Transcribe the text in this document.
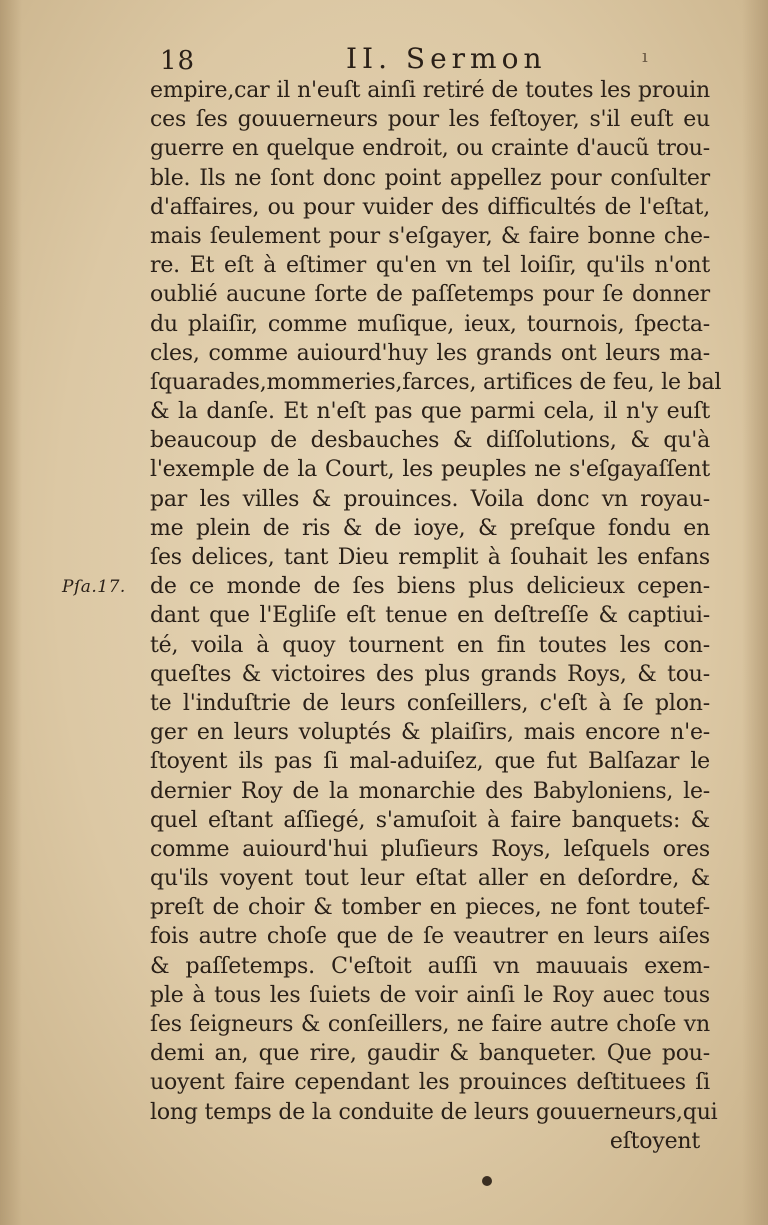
18	II. Sermon	ı
Pſa.17.
empire,car il n'euſt ainſi retiré de toutes les prouin
ces ſes gouuerneurs pour les feſtoyer, s'il euſt eu
guerre en quelque endroit, ou crainte d'aucũ trou-
ble. Ils ne ſont donc point appellez pour conſulter
d'affaires, ou pour vuider des difficultés de l'eſtat,
mais ſeulement pour s'eſgayer, & faire bonne che-
re. Et eſt à eſtimer qu'en vn tel loiſir, qu'ils n'ont
oublié aucune ſorte de paſſetemps pour ſe donner
du plaiſir, comme muſique, ieux, tournois, ſpecta-
cles, comme auiourd'huy les grands ont leurs ma-
ſquarades,mommeries,farces, artifices de feu, le bal
& la danſe. Et n'eſt pas que parmi cela, il n'y euſt
beaucoup de desbauches & diſſolutions, & qu'à
l'exemple de la Court, les peuples ne s'eſgayaſſent
par les villes & prouinces. Voila donc vn royau-
me plein de ris & de ioye, & preſque fondu en
ſes delices, tant Dieu remplit à ſouhait les enfans
de ce monde de ſes biens plus delicieux cepen-
dant que l'Egliſe eſt tenue en deſtreſſe & captiui-
té, voila à quoy tournent en fin toutes les con-
queſtes & victoires des plus grands Roys, & tou-
te l'induſtrie de leurs conſeillers, c'eſt à ſe plon-
ger en leurs voluptés & plaiſirs, mais encore n'e-
ſtoyent ils pas ſi mal-aduiſez, que fut Balſazar le
dernier Roy de la monarchie des Babyloniens, le-
quel eſtant aſſiegé, s'amuſoit à faire banquets: &
comme auiourd'hui pluſieurs Roys, leſquels ores
qu'ils voyent tout leur eſtat aller en deſordre, &
preſt de choir & tomber en pieces, ne font toutef-
fois autre choſe que de ſe veautrer en leurs aiſes
& paſſetemps. C'eſtoit auſſi vn mauuais exem-
ple à tous les ſuiets de voir ainſi le Roy auec tous
ſes ſeigneurs & conſeillers, ne faire autre choſe vn
demi an, que rire, gaudir & banqueter. Que pou-
uoyent faire cependant les prouinces deſtituees ſi
long temps de la conduite de leurs gouuerneurs,qui
eſtoyent
